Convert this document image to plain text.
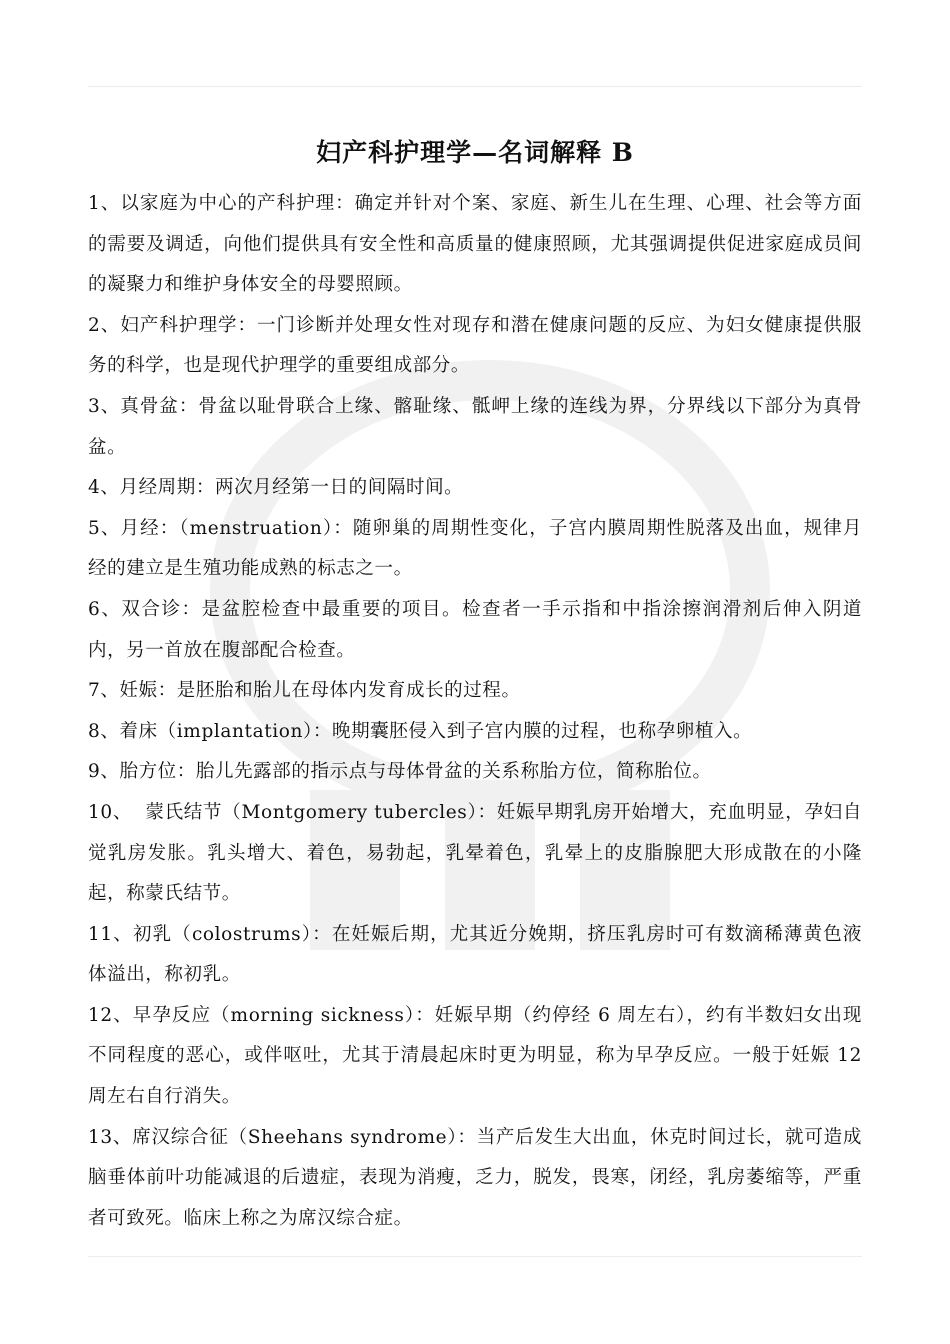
妇产科护理学—名词解释 B

1、以家庭为中心的产科护理：确定并针对个案、家庭、新生儿在生理、心理、社会等方面的需要及调适，向他们提供具有安全性和高质量的健康照顾，尤其强调提供促进家庭成员间的凝聚力和维护身体安全的母婴照顾。

2、妇产科护理学：一门诊断并处理女性对现存和潜在健康问题的反应、为妇女健康提供服务的科学，也是现代护理学的重要组成部分。

3、真骨盆：骨盆以耻骨联合上缘、髂耻缘、骶岬上缘的连线为界，分界线以下部分为真骨盆。

4、月经周期：两次月经第一日的间隔时间。

5、月经：（menstruation）：随卵巢的周期性变化，子宫内膜周期性脱落及出血，规律月经的建立是生殖功能成熟的标志之一。

6、双合诊：是盆腔检查中最重要的项目。检查者一手示指和中指涂擦润滑剂后伸入阴道内，另一首放在腹部配合检查。

7、妊娠：是胚胎和胎儿在母体内发育成长的过程。

8、着床（implantation）：晚期囊胚侵入到子宫内膜的过程，也称孕卵植入。

9、胎方位：胎儿先露部的指示点与母体骨盆的关系称胎方位，简称胎位。

10、  蒙氏结节（Montgomery tubercles）：妊娠早期乳房开始增大，充血明显，孕妇自觉乳房发胀。乳头增大、着色，易勃起，乳晕着色，乳晕上的皮脂腺肥大形成散在的小隆起，称蒙氏结节。

11、初乳（colostrums）：在妊娠后期，尤其近分娩期，挤压乳房时可有数滴稀薄黄色液体溢出，称初乳。

12、早孕反应（morning sickness）：妊娠早期（约停经 6 周左右），约有半数妇女出现不同程度的恶心，或伴呕吐，尤其于清晨起床时更为明显，称为早孕反应。一般于妊娠 12 周左右自行消失。

13、席汉综合征（Sheehans syndrome）：当产后发生大出血，休克时间过长，就可造成脑垂体前叶功能减退的后遗症，表现为消瘦，乏力，脱发，畏寒，闭经，乳房萎缩等，严重者可致死。临床上称之为席汉综合症。
